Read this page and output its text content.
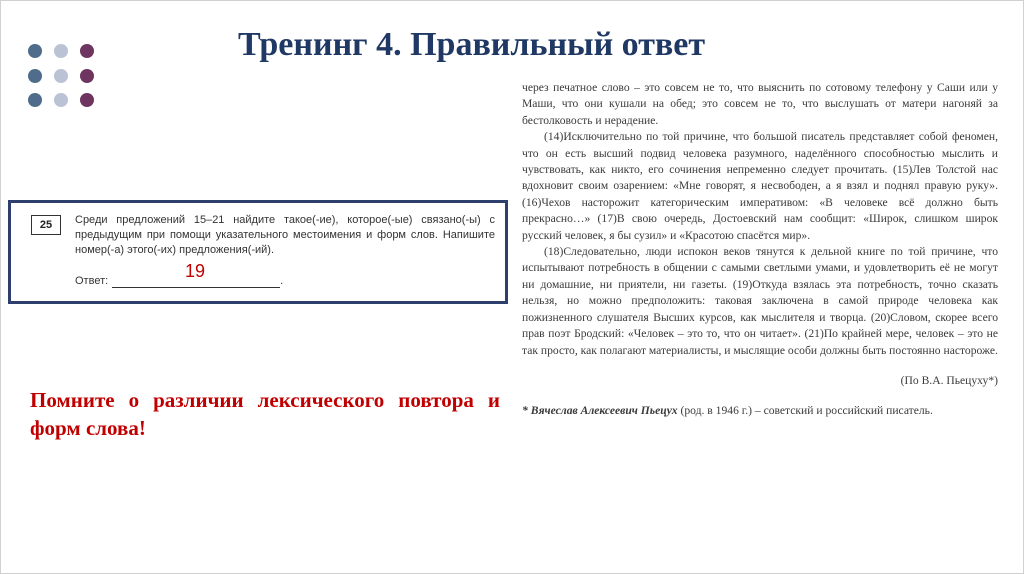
Тренинг 4. Правильный ответ
25	Среди предложений 15–21 найдите такое(-ие), которое(-ые) связано(-ы) с предыдущим при помощи указательного местоимения и форм слов. Напишите номер(-а) этого(-их) предложения(-ий).
Ответ:	.
19

Помните о различии лексического повтора и форм слова!

через печатное слово – это совсем не то, что выяснить по сотовому телефону у Саши или у Маши, что они кушали на обед; это совсем не то, что выслушать от матери нагоняй за бестолковость и нерадение.

(14)Исключительно по той причине, что большой писатель представляет собой феномен, что он есть высший подвид человека разумного, наделённого способностью мыслить и чувствовать, как никто, его сочинения непременно следует прочитать. (15)Лев Толстой нас вдохновит своим озарением: «Мне говорят, я несвободен, а я взял и поднял правую руку». (16)Чехов насторожит категорическим императивом: «В человеке всё должно быть прекрасно…» (17)В свою очередь, Достоевский нам сообщит: «Широк, слишком широк русский человек, я бы сузил» и «Красотою спасётся мир».

(18)Следовательно, люди испокон веков тянутся к дельной книге по той причине, что испытывают потребность в общении с самыми светлыми умами, и удовлетворить её не могут ни домашние, ни приятели, ни газеты. (19)Откуда взялась эта потребность, точно сказать нельзя, но можно предположить: таковая заключена в самой природе человека как пожизненного слушателя Высших курсов, как мыслителя и творца. (20)Словом, скорее всего прав поэт Бродский: «Человек – это то, что он читает». (21)По крайней мере, человек – это не так просто, как полагают материалисты, и мыслящие особи должны быть постоянно настороже.

(По В.А. Пьецуху*)

* Вячеслав Алексеевич Пьецух (род. в 1946 г.) – советский и российский писатель.
